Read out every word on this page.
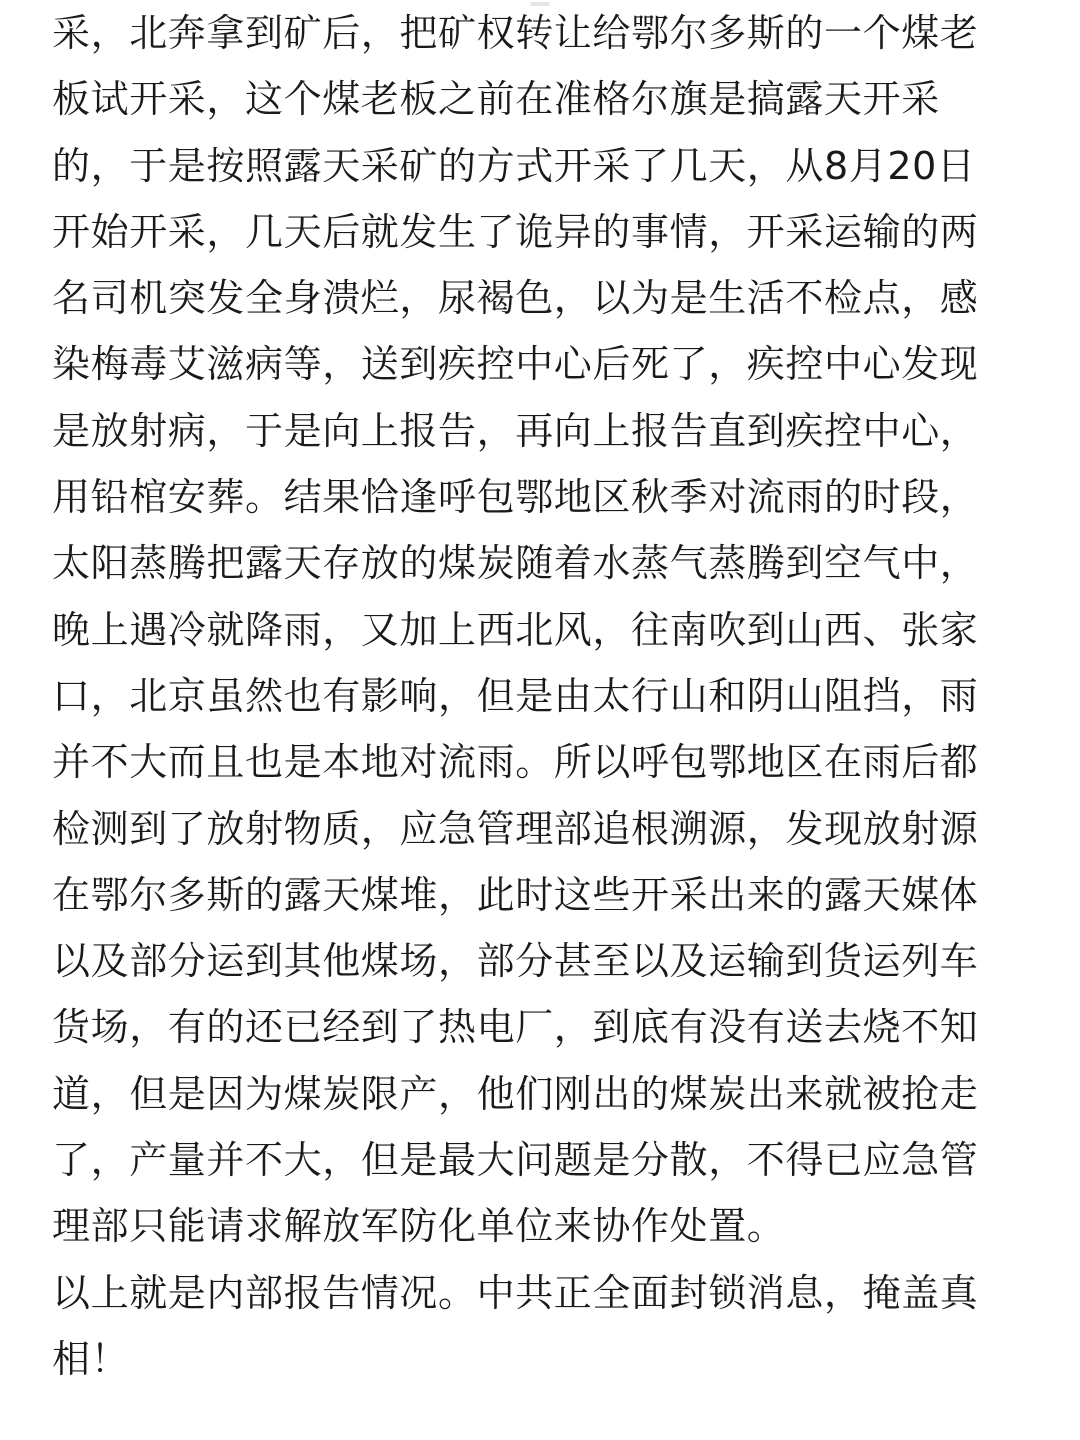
采，北奔拿到矿后，把矿权转让给鄂尔多斯的一个煤老
板试开采，这个煤老板之前在准格尔旗是搞露天开采
的，于是按照露天采矿的方式开采了几天，从8月20日
开始开采，几天后就发生了诡异的事情，开采运输的两
名司机突发全身溃烂，尿褐色，以为是生活不检点，感
染梅毒艾滋病等，送到疾控中心后死了，疾控中心发现
是放射病，于是向上报告，再向上报告直到疾控中心，
用铅棺安葬。结果恰逢呼包鄂地区秋季对流雨的时段，
太阳蒸腾把露天存放的煤炭随着水蒸气蒸腾到空气中，
晚上遇冷就降雨，又加上西北风，往南吹到山西、张家
口，北京虽然也有影响，但是由太行山和阴山阻挡，雨
并不大而且也是本地对流雨。所以呼包鄂地区在雨后都
检测到了放射物质，应急管理部追根溯源，发现放射源
在鄂尔多斯的露天煤堆，此时这些开采出来的露天媒体
以及部分运到其他煤场，部分甚至以及运输到货运列车
货场，有的还已经到了热电厂，到底有没有送去烧不知
道，但是因为煤炭限产，他们刚出的煤炭出来就被抢走
了，产量并不大，但是最大问题是分散，不得已应急管
理部只能请求解放军防化单位来协作处置。
以上就是内部报告情况。中共正全面封锁消息，掩盖真
相！
